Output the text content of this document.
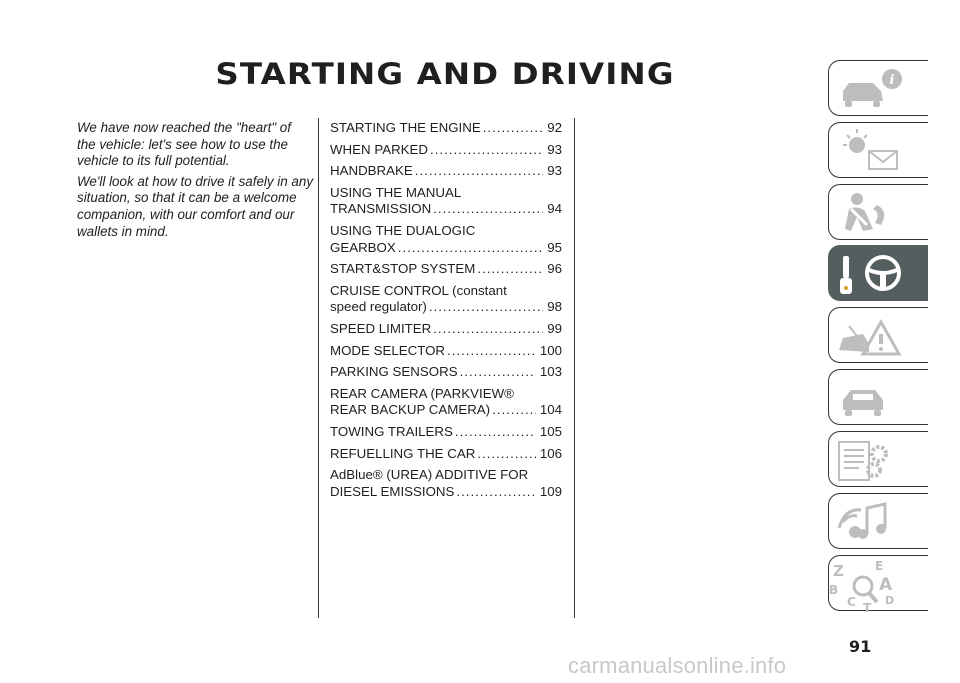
STARTING AND DRIVING

We have now reached the "heart" of the vehicle: let's see how to use the vehicle to its full potential.

We'll look at how to drive it safely in any situation, so that it can be a welcome companion, with our comfort and our wallets in mind.

STARTING THE ENGINE .....	92
WHEN PARKED .....	93
HANDBRAKE .....	93
USING THE MANUAL
TRANSMISSION .....	94
USING THE DUALOGIC
GEARBOX .....	95
START&STOP SYSTEM .....	96
CRUISE CONTROL (constant
speed regulator) .....	98
SPEED LIMITER .....	99
MODE SELECTOR .....	100
PARKING SENSORS .....	103
REAR CAMERA (PARKVIEW®
REAR BACKUP CAMERA) .....	104
TOWING TRAILERS .....	105
REFUELLING THE CAR .....	106
AdBlue® (UREA) ADDITIVE FOR
DIESEL EMISSIONS .....	109
i
Z	E
B A
C	D
T
91
carmanualsonline.info
